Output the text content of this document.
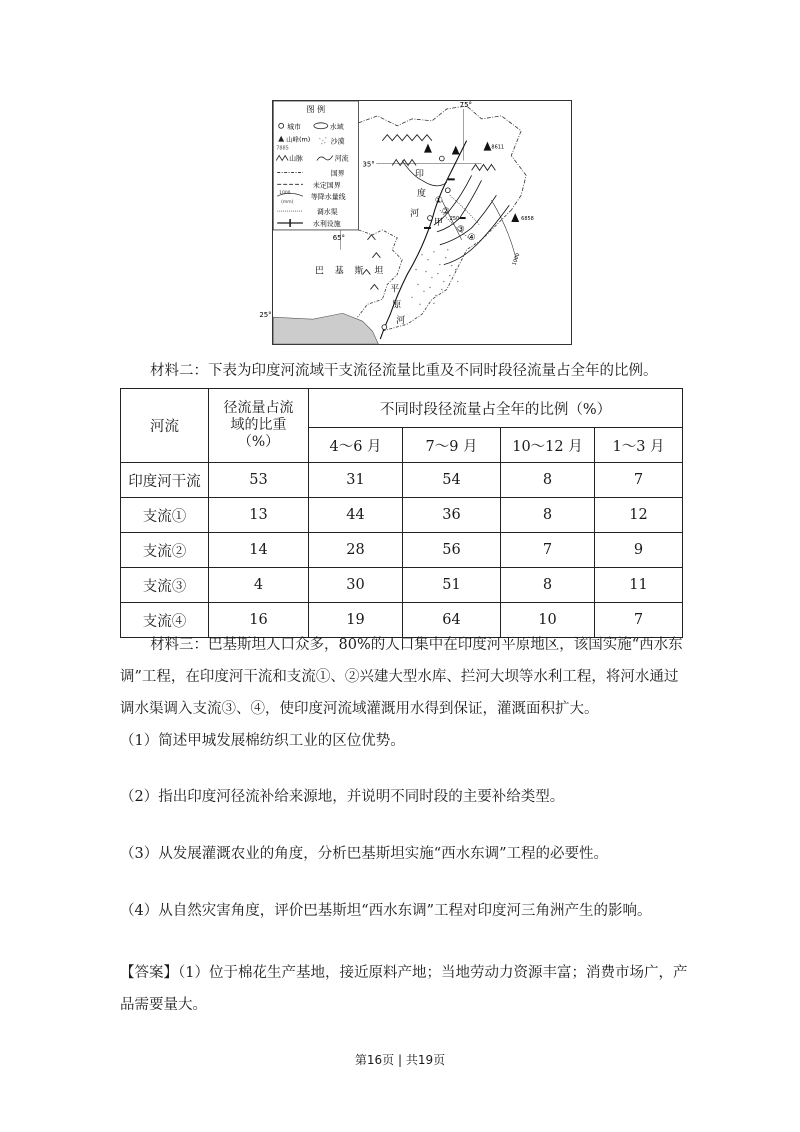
图 例
城市	水域
山峰(m)
7885
沙漠
山脉	河流
国界
未定国界
1000
(mm)
等降水量线
调水渠
水利设施
75°
35°
65°
25°
8611
6858
1000
250
印
度
河
巴 基 斯 坦
甲
平
原
河
①
②
③
④
材料二：下表为印度河流域干支流径流量比重及不同时段径流量占全年的比例。
河流	径流量占流
域的比重
（%）	不同时段径流量占全年的比例（%）			
		4～6 月	7～9 月	10～12 月	1～3 月
印度河干流	53	31	54	8	7
支流①	13	44	36	8	12
支流②	14	28	56	7	9
支流③	4	30	51	8	11
支流④	16	19	64	10	7
材料三：巴基斯坦人口众多，80%的人口集中在印度河平原地区，该国实施“西水东调”工程，在印度河干流和支流①、②兴建大型水库、拦河大坝等水利工程，将河水通过调水渠调入支流③、④，使印度河流域灌溉用水得到保证，灌溉面积扩大。
（1）简述甲城发展棉纺织工业的区位优势。
（2）指出印度河径流补给来源地，并说明不同时段的主要补给类型。
（3）从发展灌溉农业的角度，分析巴基斯坦实施“西水东调”工程的必要性。
（4）从自然灾害角度，评价巴基斯坦“西水东调”工程对印度河三角洲产生的影响。
【答案】（1）位于棉花生产基地，接近原料产地；当地劳动力资源丰富；消费市场广，产品需要量大。
第16页 | 共19页
